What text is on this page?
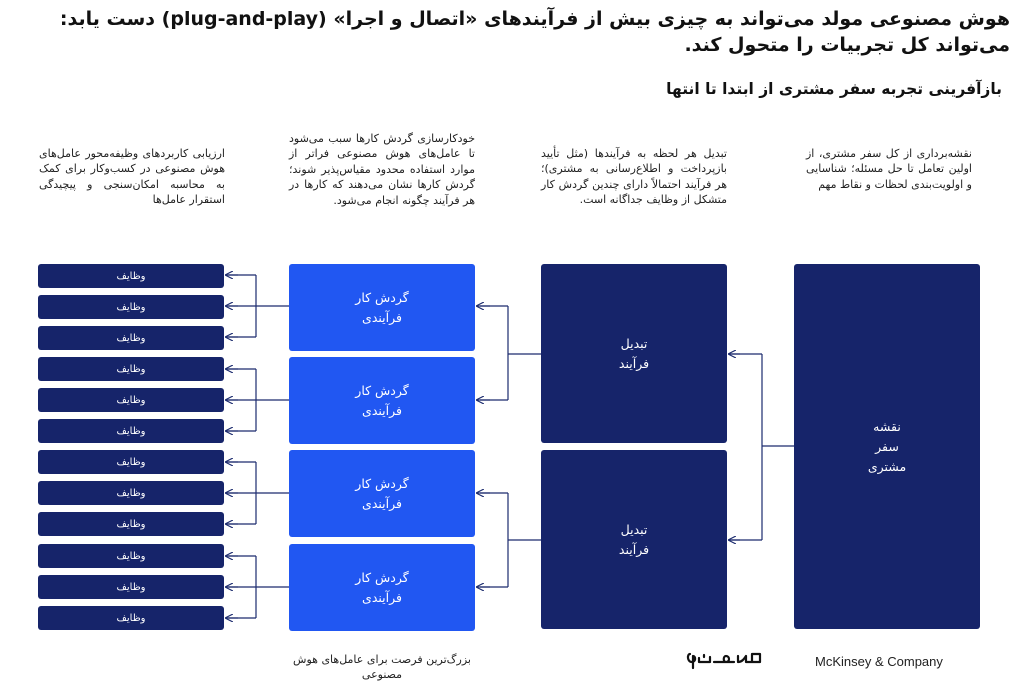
هوش مصنوعی مولد می‌تواند به چیزی بیش از فرآیندهای «اتصال و اجرا» (plug-and-play) دست یابد: می‌تواند کل تجربیات را متحول کند.
بازآفرینی تجربه سفر مشتری از ابتدا تا انتها
ارزیابی کاربردهای وظیفه‌محور عامل‌های هوش مصنوعی در کسب‌وکار برای کمک به محاسبه امکان‌سنجی و پیچیدگی استقرار عامل‌ها
خودکارسازی گردش کارها سبب می‌شود تا عامل‌های هوش مصنوعی فراتر از موارد استفاده محدود مقیاس‌پذیر شوند؛ گردش کارها نشان می‌دهند که کارها در هر فرآیند چگونه انجام می‌شود.
تبدیل هر لحظه به فرآیندها (مثل تأیید بازپرداخت و اطلاع‌رسانی به مشتری)؛ هر فرآیند احتمالاً دارای چندین گردش کار متشکل از وظایف جداگانه است.
نقشه‌برداری از کل سفر مشتری، از اولین تعامل تا حل مسئله؛ شناسایی و اولویت‌بندی لحظات و نقاط مهم
وظایف
وظایف
وظایف
وظایف
وظایف
وظایف
وظایف
وظایف
وظایف
وظایف
وظایف
وظایف
گردش کار
فرآیندی
گردش کار
فرآیندی
گردش کار
فرآیندی
گردش کار
فرآیندی
تبدیل
فرآیند
تبدیل
فرآیند
نقشه
سفر
مشتری
بزرگ‌ترین فرصت برای عامل‌های هوش مصنوعی
McKinsey & Company
